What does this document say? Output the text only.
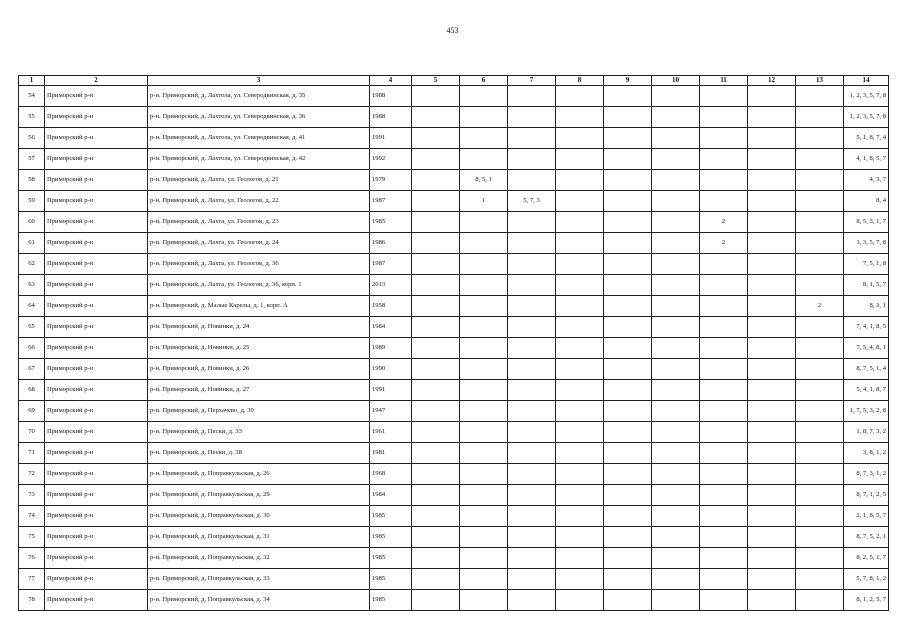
453
1	2	3	4	5	6	7	8	9	10	11	12	13	14
54	Приморский р-н	р-н. Приморский, д. Лахтола, ул. Северодвинская, д. 35	1988										1, 2, 3, 5, 7, 8
55	Приморский р-н	р-н. Приморский, д. Лахтола, ул. Северодвинская, д. 36	1988										1, 2, 3, 5, 7, 8
56	Приморский р-н	р-н. Приморский, д. Лахтола, ул. Северодвинская, д. 41	1991										5, 1, 8, 7, 4
57	Приморский р-н	р-н. Приморский, д. Лахтола, ул. Северодвинская, д. 42	1992										4, 1, 8, 5, 7
58	Приморский р-н	р-н. Приморский, д. Лахта, ул. Геологов, д. 21	1979		8, 5, 1								4, 3, 7
59	Приморский р-н	р-н. Приморский, д. Лахта, ул. Геологов, д. 22	1987		1	5, 7, 3							8, 4
60	Приморский р-н	р-н. Приморский, д. Лахта, ул. Геологов, д. 23	1985							2			8, 5, 3, 1, 7
61	Приморский р-н	р-н. Приморский, д. Лахта, ул. Геологов, д. 24	1986							2			1, 3, 5, 7, 8
62	Приморский р-н	р-н. Приморский, д. Лахта, ул. Геологов, д. 36	1987										7, 5, 1, 8
63	Приморский р-н	р-н. Приморский, д. Лахта, ул. Геологов, д. 36, корп. 1	2013										8, 1, 5, 7
64	Приморский р-н	р-н. Приморский, д. Малые Карелы, д. 1, корп. А	1958									2	8, 3, 1
65	Приморский р-н	р-н. Приморский, д. Новинки, д. 24	1984										7, 4, 1, 8, 5
66	Приморский р-н	р-н. Приморский, д. Новинки, д. 25	1989										7, 5, 4, 8, 1
67	Приморский р-н	р-н. Приморский, д. Новинки, д. 26	1990										8, 7, 5, 1, 4
68	Приморский р-н	р-н. Приморский, д. Новинки, д. 27	1991										5, 4, 1, 8, 7
69	Приморский р-н	р-н. Приморский, д. Перхачево, д. 39	1947										1, 7, 5, 3, 2, 8
70	Приморский р-н	р-н. Приморский, д. Пески, д. 33	1961										1, 8, 7, 3, 2
71	Приморский р-н	р-н. Приморский, д. Пески, д. 38	1981										3, 8, 1, 2
72	Приморский р-н	р-н. Приморский, д. Поправкульская, д. 26	1968										8, 7, 3, 1, 2
73	Приморский р-н	р-н. Приморский, д. Поправкульская, д. 29	1984										8, 7, 1, 2, 5
74	Приморский р-н	р-н. Приморский, д. Поправкульская, д. 30	1985										2, 1, 8, 5, 7
75	Приморский р-н	р-н. Приморский, д. Поправкульская, д. 31	1985										8, 7, 5, 2, 1
76	Приморский р-н	р-н. Приморский, д. Поправкульская, д. 32	1985										8, 2, 5, 1, 7
77	Приморский р-н	р-н. Приморский, д. Поправкульская, д. 33	1985										5, 7, 8, 1, 2
78	Приморский р-н	р-н. Приморский, д. Поправкульская, д. 34	1985										8, 1, 2, 5, 7
